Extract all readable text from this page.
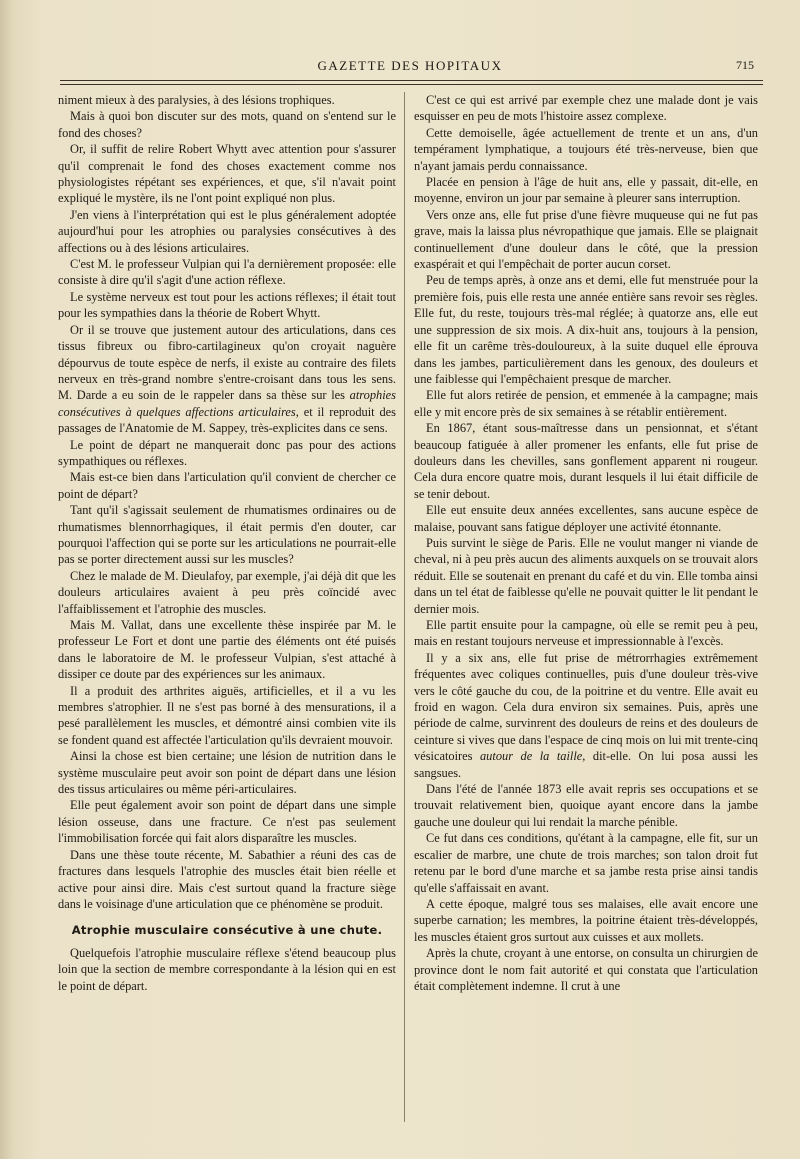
GAZETTE DES HOPITAUX	715

niment mieux à des paralysies, à des lésions trophiques.

Mais à quoi bon discuter sur des mots, quand on s'entend sur le fond des choses?

Or, il suffit de relire Robert Whytt avec attention pour s'assurer qu'il comprenait le fond des choses exactement comme nos physiologistes répétant ses expériences, et que, s'il n'avait point expliqué le mystère, ils ne l'ont point expliqué non plus.

J'en viens à l'interprétation qui est le plus généralement adoptée aujourd'hui pour les atrophies ou paralysies consécutives à des affections ou à des lésions articulaires.

C'est M. le professeur Vulpian qui l'a dernièrement proposée: elle consiste à dire qu'il s'agit d'une action réflexe.

Le système nerveux est tout pour les actions réflexes; il était tout pour les sympathies dans la théorie de Robert Whytt.

Or il se trouve que justement autour des articulations, dans ces tissus fibreux ou fibro-cartilagineux qu'on croyait naguère dépourvus de toute espèce de nerfs, il existe au contraire des filets nerveux en très-grand nombre s'entre-croisant dans tous les sens. M. Darde a eu soin de le rappeler dans sa thèse sur les atrophies consécutives à quelques affections articulaires, et il reproduit des passages de l'Anatomie de M. Sappey, très-explicites dans ce sens.

Le point de départ ne manquerait donc pas pour des actions sympathiques ou réflexes.

Mais est-ce bien dans l'articulation qu'il convient de chercher ce point de départ?

Tant qu'il s'agissait seulement de rhumatismes ordinaires ou de rhumatismes blennorrhagiques, il était permis d'en douter, car pourquoi l'affection qui se porte sur les articulations ne pourrait-elle pas se porter directement aussi sur les muscles?

Chez le malade de M. Dieulafoy, par exemple, j'ai déjà dit que les douleurs articulaires avaient à peu près coïncidé avec l'affaiblissement et l'atrophie des muscles.

Mais M. Vallat, dans une excellente thèse inspirée par M. le professeur Le Fort et dont une partie des éléments ont été puisés dans le laboratoire de M. le professeur Vulpian, s'est attaché à dissiper ce doute par des expériences sur les animaux.

Il a produit des arthrites aiguës, artificielles, et il a vu les membres s'atrophier. Il ne s'est pas borné à des mensurations, il a pesé parallèlement les muscles, et démontré ainsi combien vite ils se fondent quand est affectée l'articulation qu'ils devraient mouvoir.

Ainsi la chose est bien certaine; une lésion de nutrition dans le système musculaire peut avoir son point de départ dans une lésion des tissus articulaires ou même péri-articulaires.

Elle peut également avoir son point de départ dans une simple lésion osseuse, dans une fracture. Ce n'est pas seulement l'immobilisation forcée qui fait alors disparaître les muscles.

Dans une thèse toute récente, M. Sabathier a réuni des cas de fractures dans lesquels l'atrophie des muscles était bien réelle et active pour ainsi dire. Mais c'est surtout quand la fracture siège dans le voisinage d'une articulation que ce phénomène se produit.

Atrophie musculaire consécutive à une chute.

Quelquefois l'atrophie musculaire réflexe s'étend beaucoup plus loin que la section de membre correspondante à la lésion qui en est le point de départ.

C'est ce qui est arrivé par exemple chez une malade dont je vais esquisser en peu de mots l'histoire assez complexe.

Cette demoiselle, âgée actuellement de trente et un ans, d'un tempérament lymphatique, a toujours été très-nerveuse, bien que n'ayant jamais perdu connaissance.

Placée en pension à l'âge de huit ans, elle y passait, dit-elle, en moyenne, environ un jour par semaine à pleurer sans interruption.

Vers onze ans, elle fut prise d'une fièvre muqueuse qui ne fut pas grave, mais la laissa plus névropathique que jamais. Elle se plaignait continuellement d'une douleur dans le côté, que la pression exaspérait et qui l'empêchait de porter aucun corset.

Peu de temps après, à onze ans et demi, elle fut menstruée pour la première fois, puis elle resta une année entière sans revoir ses règles. Elle fut, du reste, toujours très-mal réglée; à quatorze ans, elle eut une suppression de six mois. A dix-huit ans, toujours à la pension, elle fit un carême très-douloureux, à la suite duquel elle éprouva dans les jambes, particulièrement dans les genoux, des douleurs et une faiblesse qui l'empêchaient presque de marcher.

Elle fut alors retirée de pension, et emmenée à la campagne; mais elle y mit encore près de six semaines à se rétablir entièrement.

En 1867, étant sous-maîtresse dans un pensionnat, et s'étant beaucoup fatiguée à aller promener les enfants, elle fut prise de douleurs dans les chevilles, sans gonflement apparent ni rougeur. Cela dura encore quatre mois, durant lesquels il lui était difficile de se tenir debout.

Elle eut ensuite deux années excellentes, sans aucune espèce de malaise, pouvant sans fatigue déployer une activité étonnante.

Puis survint le siège de Paris. Elle ne voulut manger ni viande de cheval, ni à peu près aucun des aliments auxquels on se trouvait alors réduit. Elle se soutenait en prenant du café et du vin. Elle tomba ainsi dans un tel état de faiblesse qu'elle ne pouvait quitter le lit pendant le dernier mois.

Elle partit ensuite pour la campagne, où elle se remit peu à peu, mais en restant toujours nerveuse et impressionnable à l'excès.

Il y a six ans, elle fut prise de métrorrhagies extrêmement fréquentes avec coliques continuelles, puis d'une douleur très-vive vers le côté gauche du cou, de la poitrine et du ventre. Elle avait eu froid en wagon. Cela dura environ six semaines. Puis, après une période de calme, survinrent des douleurs de reins et des douleurs de ceinture si vives que dans l'espace de cinq mois on lui mit trente-cinq vésicatoires autour de la taille, dit-elle. On lui posa aussi les sangsues.

Dans l'été de l'année 1873 elle avait repris ses occupations et se trouvait relativement bien, quoique ayant encore dans la jambe gauche une douleur qui lui rendait la marche pénible.

Ce fut dans ces conditions, qu'étant à la campagne, elle fit, sur un escalier de marbre, une chute de trois marches; son talon droit fut retenu par le bord d'une marche et sa jambe resta prise ainsi tandis qu'elle s'affaissait en avant.

A cette époque, malgré tous ses malaises, elle avait encore une superbe carnation; les membres, la poitrine étaient très-développés, les muscles étaient gros surtout aux cuisses et aux mollets.

Après la chute, croyant à une entorse, on consulta un chirurgien de province dont le nom fait autorité et qui constata que l'articulation était complètement indemne. Il crut à une
